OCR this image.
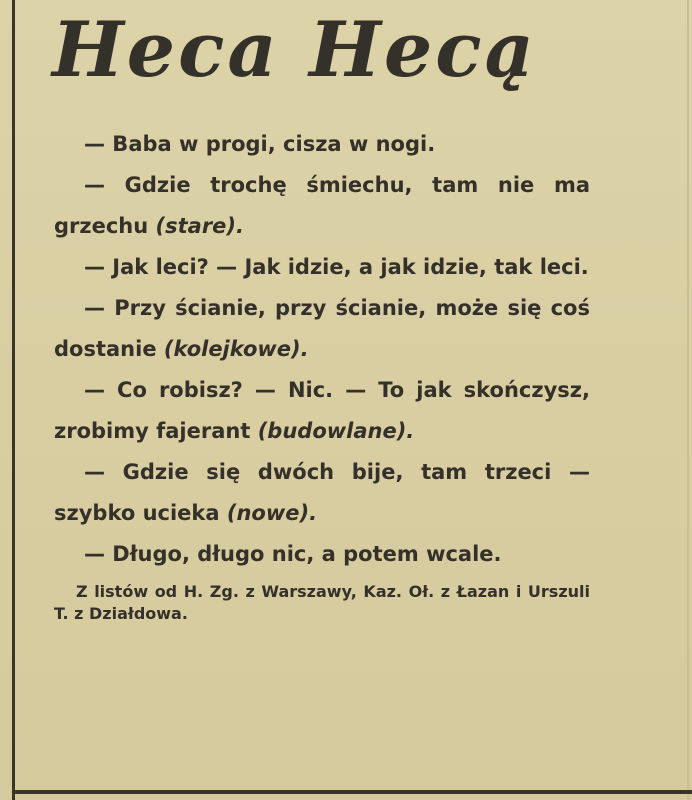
Heca Hecą

— Baba w progi, cisza w nogi.

— Gdzie trochę śmiechu, tam nie ma grzechu (stare).

— Jak leci? — Jak idzie, a jak idzie, tak leci.

— Przy ścianie, przy ścianie, może się coś dostanie (kolejkowe).

— Co robisz? — Nic. — To jak skończysz, zrobimy fajerant (budowlane).

— Gdzie się dwóch bije, tam trzeci — szybko ucieka (nowe).

— Długo, długo nic, a potem wcale.

Z listów od H. Zg. z Warszawy, Kaz. Oł. z Łazan i Urszuli T. z Działdowa.
